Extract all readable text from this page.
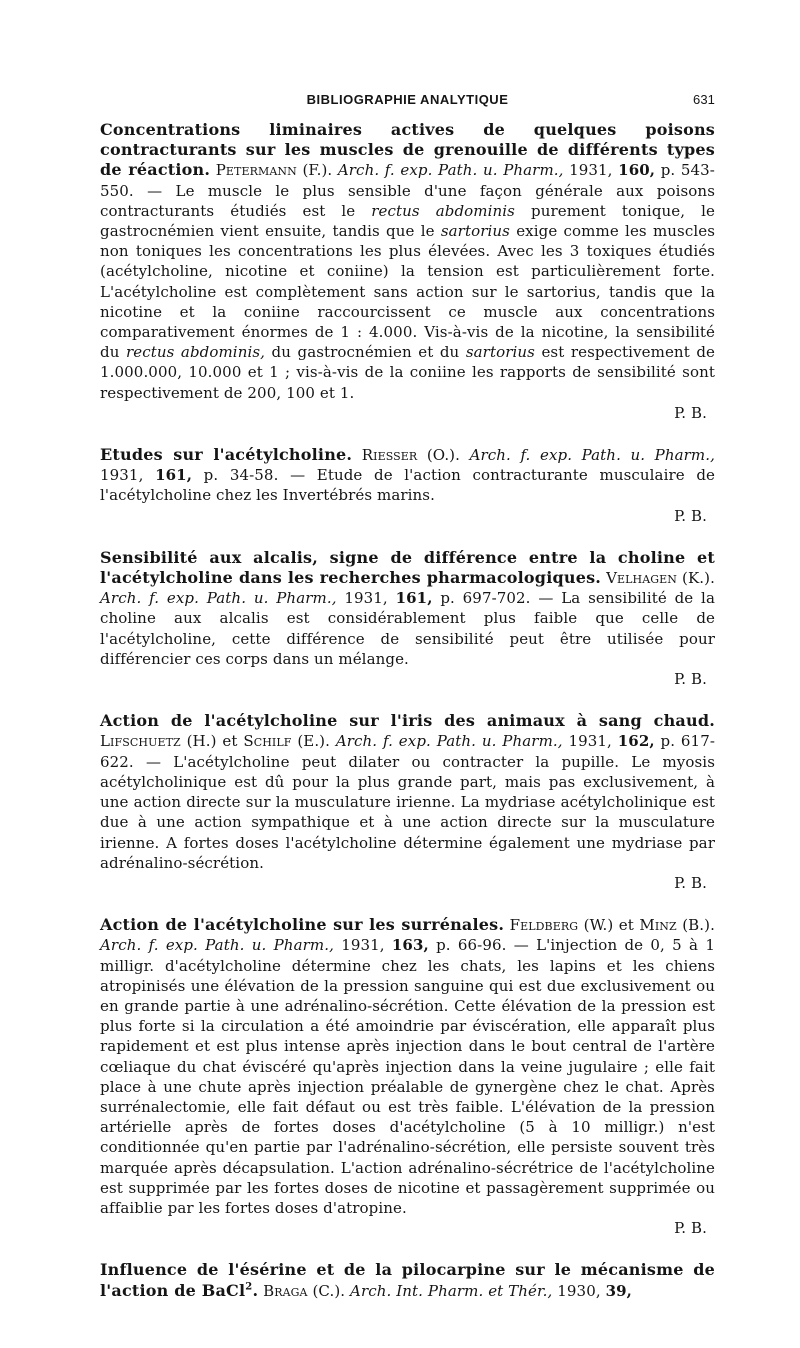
BIBLIOGRAPHIE ANALYTIQUE	631

Concentrations liminaires actives de quelques poisons contracturants sur les muscles de grenouille de différents types de réaction. Petermann (F.). Arch. f. exp. Path. u. Pharm., 1931, 160, p. 543-550. — Le muscle le plus sensible d'une façon générale aux poisons contracturants étudiés est le rectus abdominis purement tonique, le gastrocnémien vient ensuite, tandis que le sartorius exige comme les muscles non toniques les concentrations les plus élevées. Avec les 3 toxiques étudiés (acétylcholine, nicotine et coniine) la tension est particulièrement forte. L'acétylcholine est complètement sans action sur le sartorius, tandis que la nicotine et la coniine raccourcissent ce muscle aux concentrations comparativement énormes de 1 : 4.000. Vis-à-vis de la nicotine, la sensibilité du rectus abdominis, du gastrocnémien et du sartorius est respectivement de 1.000.000, 10.000 et 1 ; vis-à-vis de la coniine les rapports de sensibilité sont respectivement de 200, 100 et 1.
P. B.

Etudes sur l'acétylcholine. Riesser (O.). Arch. f. exp. Path. u. Pharm., 1931, 161, p. 34-58. — Etude de l'action contracturante musculaire de l'acétylcholine chez les Invertébrés marins.
P. B.

Sensibilité aux alcalis, signe de différence entre la choline et l'acétylcholine dans les recherches pharmacologiques. Velhagen (K.). Arch. f. exp. Path. u. Pharm., 1931, 161, p. 697-702. — La sensibilité de la choline aux alcalis est considérablement plus faible que celle de l'acétylcholine, cette différence de sensibilité peut être utilisée pour différencier ces corps dans un mélange.
P. B.

Action de l'acétylcholine sur l'iris des animaux à sang chaud. Lifschuetz (H.) et Schilf (E.). Arch. f. exp. Path. u. Pharm., 1931, 162, p. 617-622. — L'acétylcholine peut dilater ou contracter la pupille. Le myosis acétylcholinique est dû pour la plus grande part, mais pas exclusivement, à une action directe sur la musculature irienne. La mydriase acétylcholinique est due à une action sympathique et à une action directe sur la musculature irienne. A fortes doses l'acétylcholine détermine également une mydriase par adrénalino-sécrétion.
P. B.

Action de l'acétylcholine sur les surrénales. Feldberg (W.) et Minz (B.). Arch. f. exp. Path. u. Pharm., 1931, 163, p. 66-96. — L'injection de 0, 5 à 1 milligr. d'acétylcholine détermine chez les chats, les lapins et les chiens atropinisés une élévation de la pression sanguine qui est due exclusivement ou en grande partie à une adrénalino-sécrétion. Cette élévation de la pression est plus forte si la circulation a été amoindrie par éviscération, elle apparaît plus rapidement et est plus intense après injection dans le bout central de l'artère cœliaque du chat éviscéré qu'après injection dans la veine jugulaire ; elle fait place à une chute après injection préalable de gynergène chez le chat. Après surrénalectomie, elle fait défaut ou est très faible. L'élévation de la pression artérielle après de fortes doses d'acétylcholine (5 à 10 milligr.) n'est conditionnée qu'en partie par l'adrénalino-sécrétion, elle persiste souvent très marquée après décapsulation. L'action adrénalino-sécrétrice de l'acétylcholine est supprimée par les fortes doses de nicotine et passagèrement supprimée ou affaiblie par les fortes doses d'atropine.
P. B.

Influence de l'ésérine et de la pilocarpine sur le mécanisme de l'action de BaCl$^2$. Braga (C.). Arch. Int. Pharm. et Thér., 1930, 39,
